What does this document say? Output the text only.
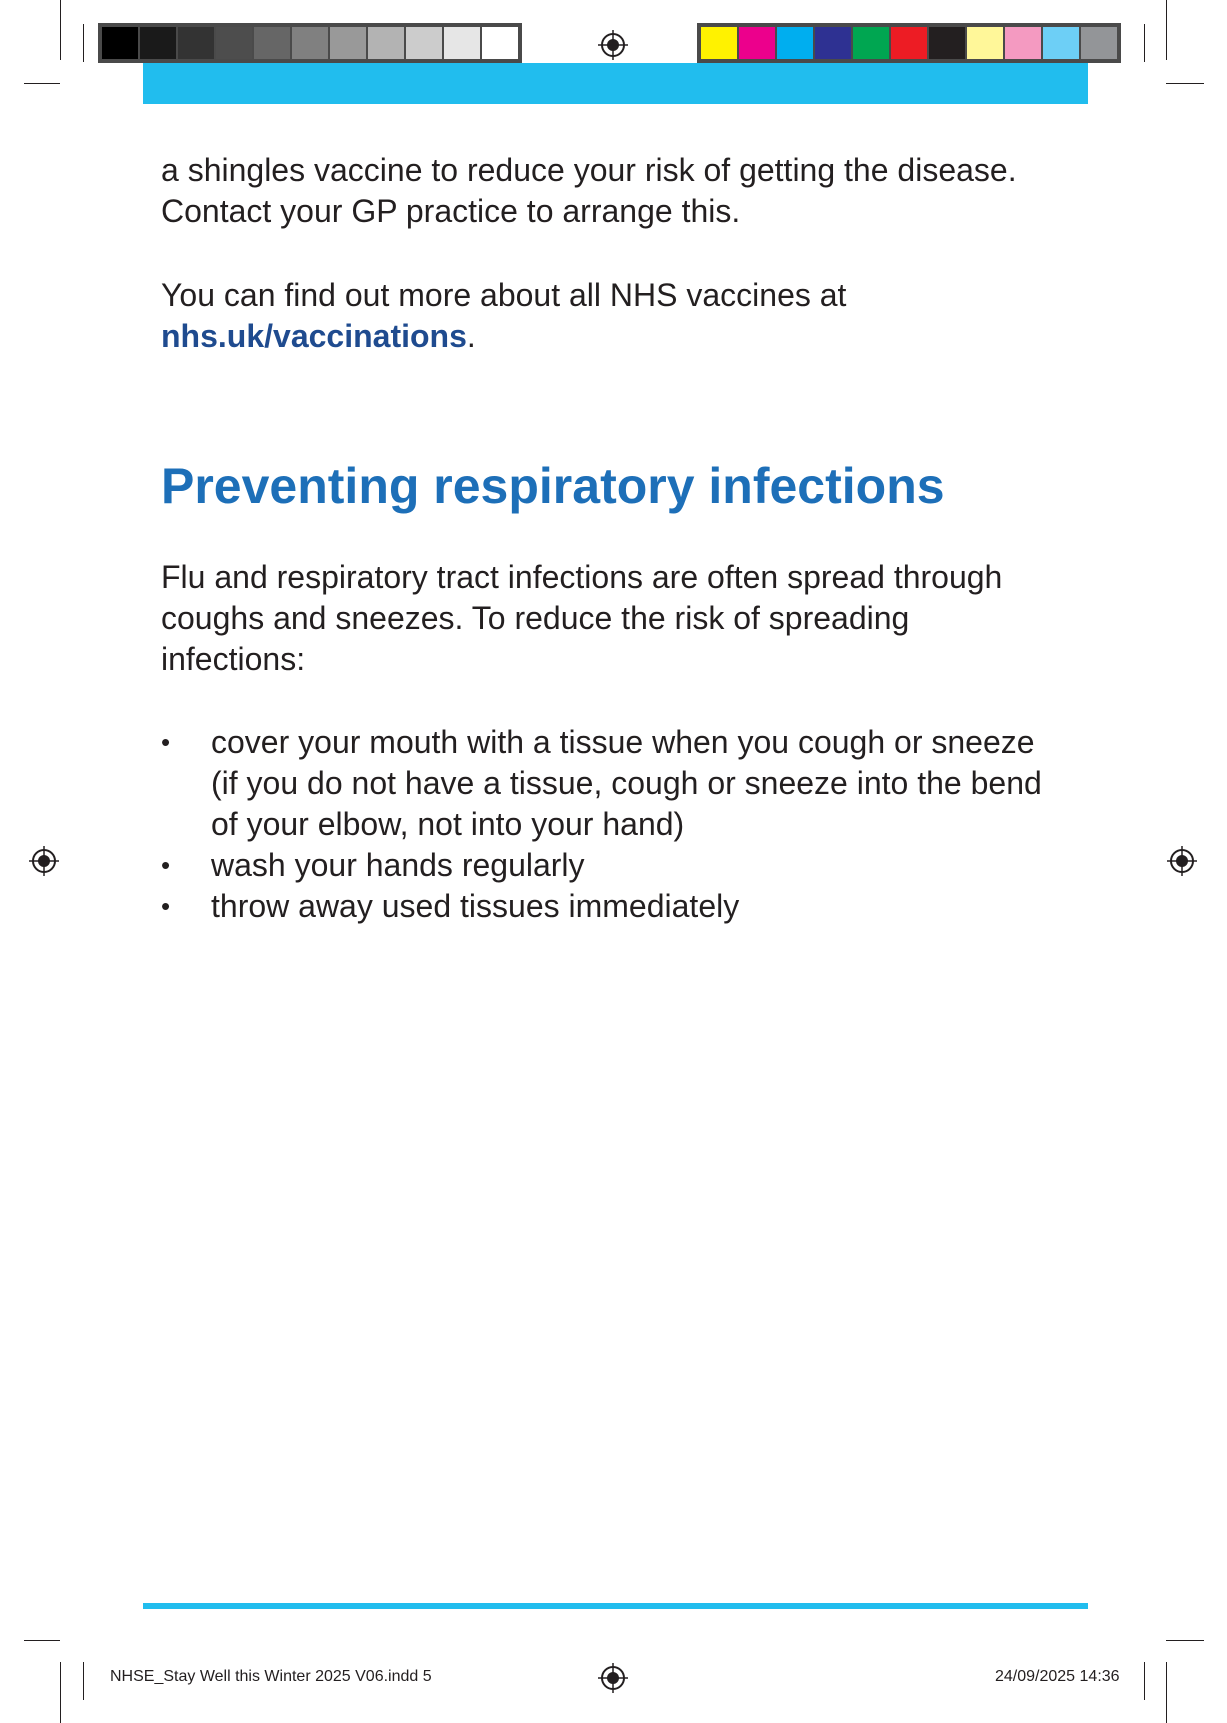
a shingles vaccine to reduce your risk of getting the disease. Contact your GP practice to arrange this.

You can find out more about all NHS vaccines at
nhs.uk/vaccinations.

Preventing respiratory infections

Flu and respiratory tract infections are often spread through coughs and sneezes. To reduce the risk of spreading infections:

• cover your mouth with a tissue when you cough or sneeze (if you do not have a tissue, cough or sneeze into the bend of your elbow, not into your hand)
• wash your hands regularly
• throw away used tissues immediately
NHSE_Stay Well this Winter 2025 V06.indd 5	24/09/2025 14:36
